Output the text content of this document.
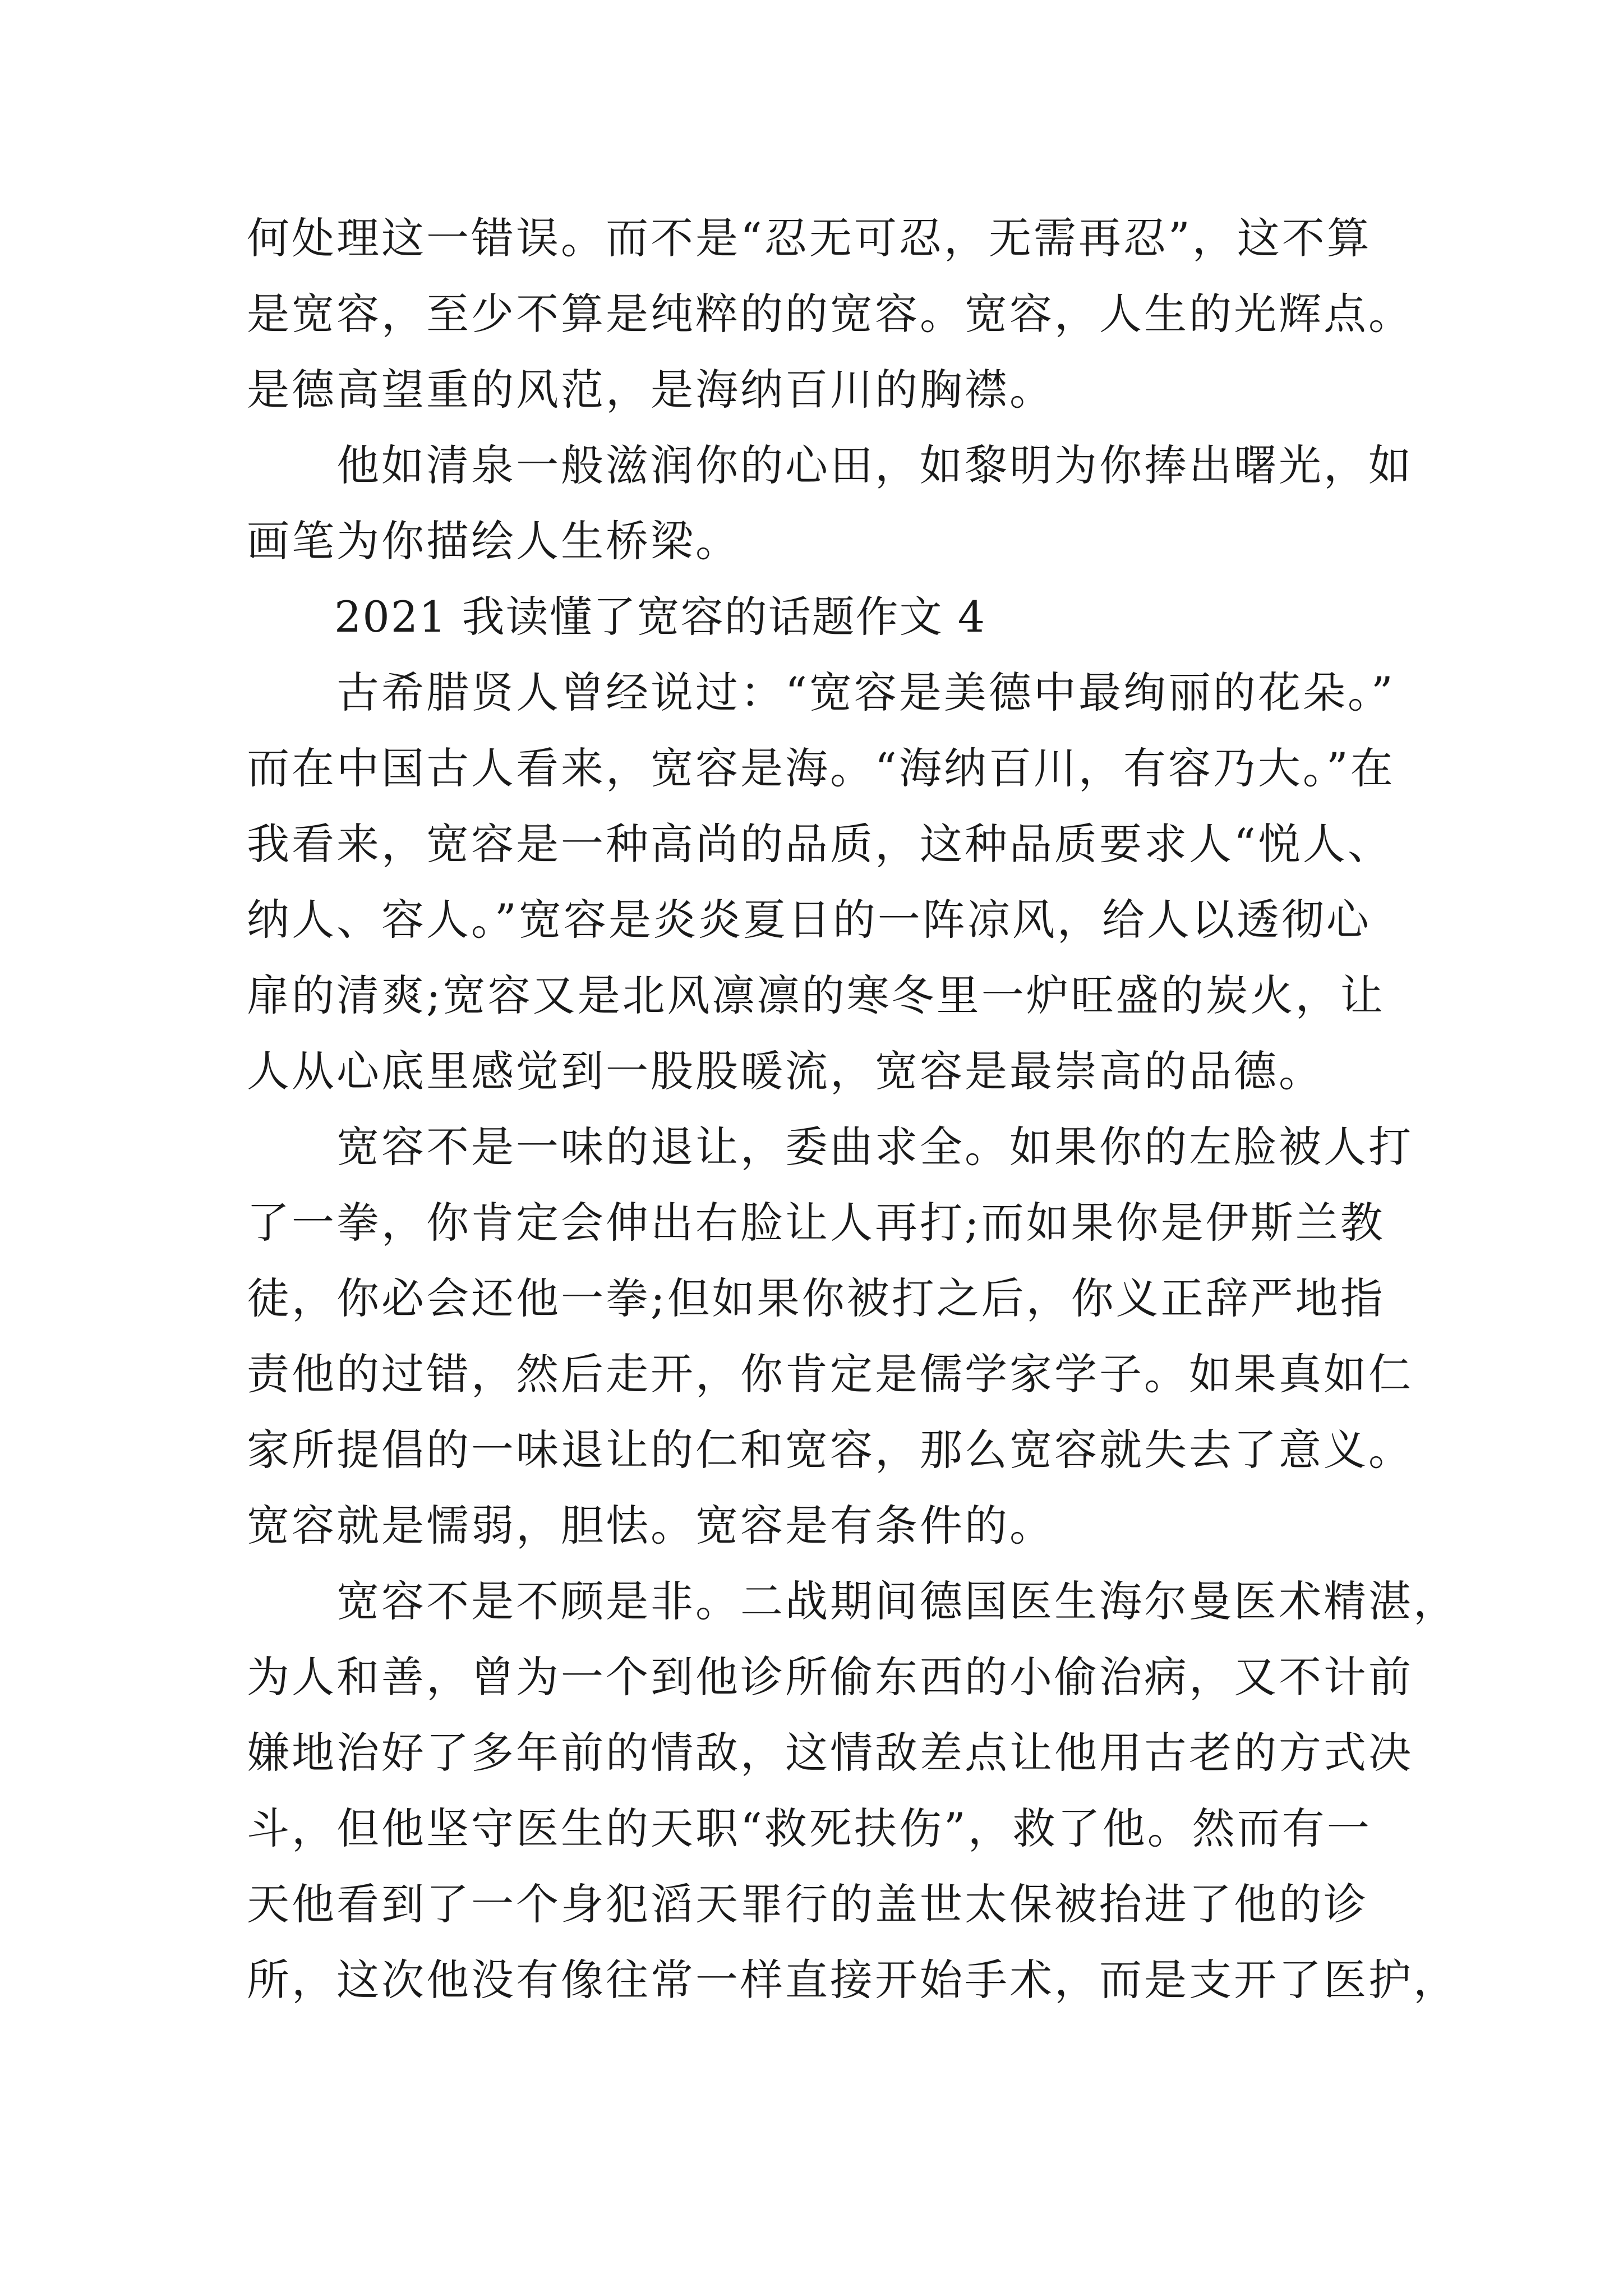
何处理这一错误。而不是“忍无可忍，无需再忍”，这不算
是宽容，至少不算是纯粹的的宽容。宽容，人生的光辉点。
是德高望重的风范，是海纳百川的胸襟。
　　他如清泉一般滋润你的心田，如黎明为你捧出曙光，如
画笔为你描绘人生桥梁。
　　2021 我读懂了宽容的话题作文 4
　　古希腊贤人曾经说过：“宽容是美德中最绚丽的花朵。”
而在中国古人看来，宽容是海。“海纳百川，有容乃大。”在
我看来，宽容是一种高尚的品质，这种品质要求人“悦人、
纳人、容人。”宽容是炎炎夏日的一阵凉风，给人以透彻心
扉的清爽;宽容又是北风凛凛的寒冬里一炉旺盛的炭火，让
人从心底里感觉到一股股暖流，宽容是最崇高的品德。
　　宽容不是一味的退让，委曲求全。如果你的左脸被人打
了一拳，你肯定会伸出右脸让人再打;而如果你是伊斯兰教
徒，你必会还他一拳;但如果你被打之后，你义正辞严地指
责他的过错，然后走开，你肯定是儒学家学子。如果真如仁
家所提倡的一味退让的仁和宽容，那么宽容就失去了意义。
宽容就是懦弱，胆怯。宽容是有条件的。
　　宽容不是不顾是非。二战期间德国医生海尔曼医术精湛，
为人和善，曾为一个到他诊所偷东西的小偷治病，又不计前
嫌地治好了多年前的情敌，这情敌差点让他用古老的方式决
斗，但他坚守医生的天职“救死扶伤”，救了他。然而有一
天他看到了一个身犯滔天罪行的盖世太保被抬进了他的诊
所，这次他没有像往常一样直接开始手术，而是支开了医护，
